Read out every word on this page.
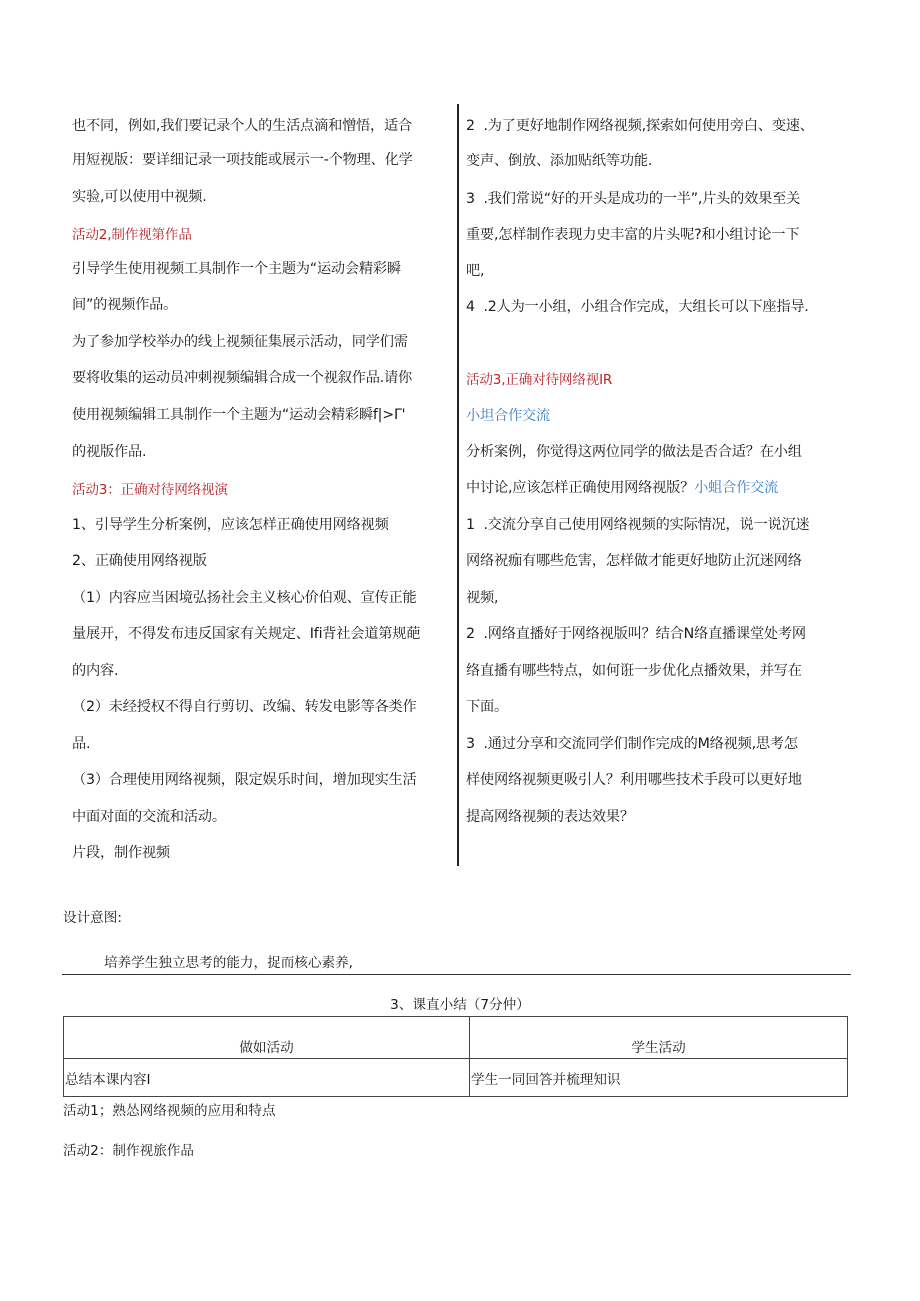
也不同，例如,我们要记录个人的生活点滴和憎悟，适合
用短视版：要详细记录一项技能或展示一-个物理、化学
实验,可以使用中视频.
活动2,制作视第作品
引导学生使用视频工具制作一个主题为“运动会精彩瞬
间”的视频作品。
为了参加学校举办的线上视频征集展示活动，同学们需
要将收集的运动员冲刺视频编辑合成一个视叙作品.请你
使用视频编辑工具制作一个主题为“运动会精彩瞬f|>Γ'
的视版作品.
活动3：正确对待网络视演
1、引导学生分析案例，应该怎样正确使用网络视频
2、正确使用网络视版
（1）内容应当困境弘扬社会主义核心价伯观、宣传正能
量展开，不得发布违反国家有关规定、Ifi背社会道第规葩
的内容.
（2）未经授权不得自行剪切、改编、转发电影等各类作
品.
（3）合理使用网络视频，限定娱乐时间，增加现实生活
中面对面的交流和活动。
片段，制作视频
2  .为了更好地制作网络视频,探索如何使用旁白、变速、
变声、倒放、添加贴纸等功能.
3  .我们常说“好的开头是成功的一半”,片头的效果至关
重要,怎样制作表现力史丰富的片头呢?和小组讨论一下
吧,
4  .2人为一小组，小组合作完成，大组长可以下座指导.
活动3,正确对待网络视IR
小坦合作交流
分析案例，你觉得这两位同学的做法是否合适？在小组
中讨论,应该怎样正确使用网络视版？小蛆合作交流
1  .交流分享自己使用网络视频的实际情况，说一说沉迷
网络祝痂有哪些危害，怎样做才能更好地防止沉迷网络
视频,
2  .网络直播好于网络视版叫？结合N络直播课堂处考网
络直播有哪些特点，如何诳一步优化点播效果，并写在
下面。
3  .通过分享和交流同学们制作完成的M络视频,思考怎
样使网络视频更吸引人？利用哪些技术手段可以更好地
提高网络视频的表达效果？
设计意图:
培养学生独立思考的能力，捉而核心素养,
3、课直小结（7分仲）
做如活动	学生活动
总结本课内容I	学生一同回答并梳理知识
活动1；熟怂网络视频的应用和特点
活动2：制作视旅作品
